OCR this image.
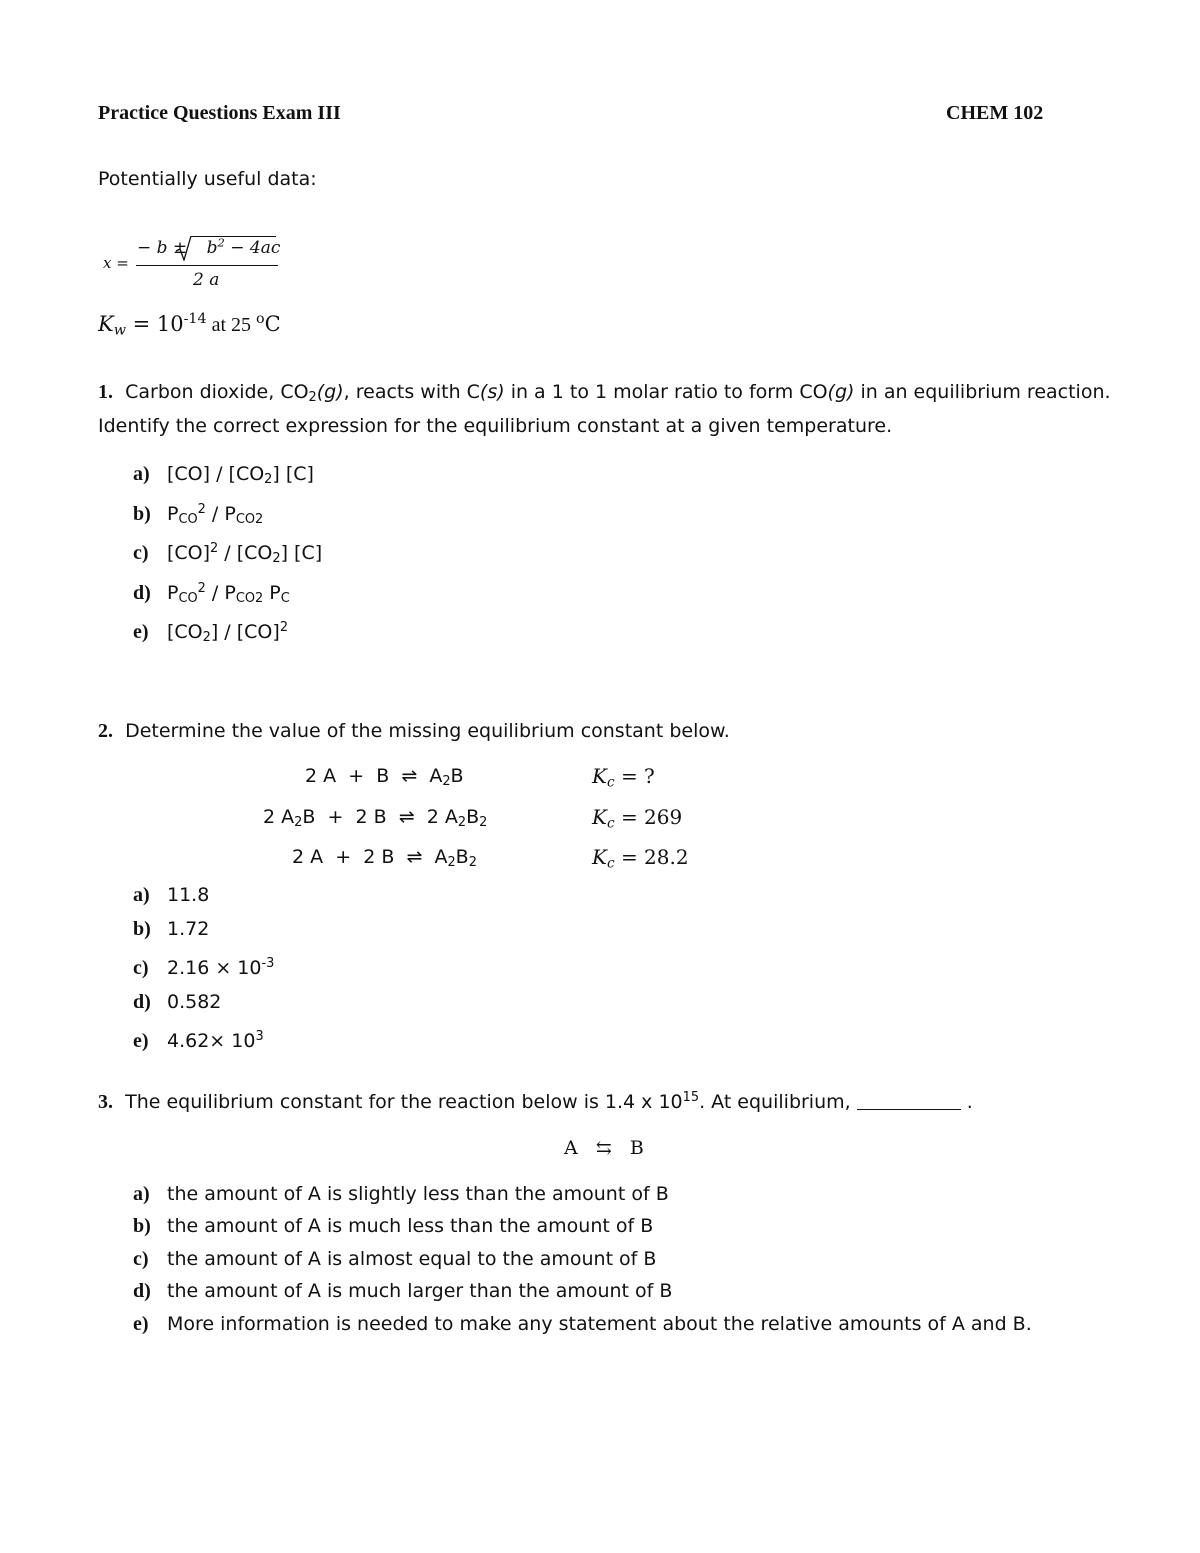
Practice Questions Exam III	CHEM 102
Potentially useful data:
x =
− $b \pm b^2 - 4ac$
2 a
$K_w = 10^{-14}$ at 25 $^o$C
1. Carbon dioxide, $CO_2(g)$, reacts with C(s) in a 1 to 1 molar ratio to form CO(g) in an equilibrium reaction.
Identify the correct expression for the equilibrium constant at a given temperature.
a) $[CO] / [CO_2]$ [C]
b) $P_{CO}^2 / P_{CO2}$
c) $[CO]^2 / [CO_2]$ [C]
d) $P_{CO}^2 / P_{CO2}$ $P_C$
e) $[CO_2] / [CO]^2$
2. Determine the value of the missing equilibrium constant below.
2 A  +  B  ⇌  $A_2B$
2 $A_2B + 2$ B  ⇌  2 $A_2B_2$
2 A  +  2 B  ⇌  $A_2B_2$
$K_c$ = ?
$K_c = 269$
$K_c = 28.2$
a) 11.8
b) 1.72
c) $2.16 \times 10^{-3}$
d) 0.582
e) $4.62\times 10^3$
3. The equilibrium constant for the reaction below is 1.4 x $10^{15}$. At equilibrium,	.
A ⇆ B
a) the amount of A is slightly less than the amount of B
b) the amount of A is much less than the amount of B
c) the amount of A is almost equal to the amount of B
d) the amount of A is much larger than the amount of B
e) More information is needed to make any statement about the relative amounts of A and B.
